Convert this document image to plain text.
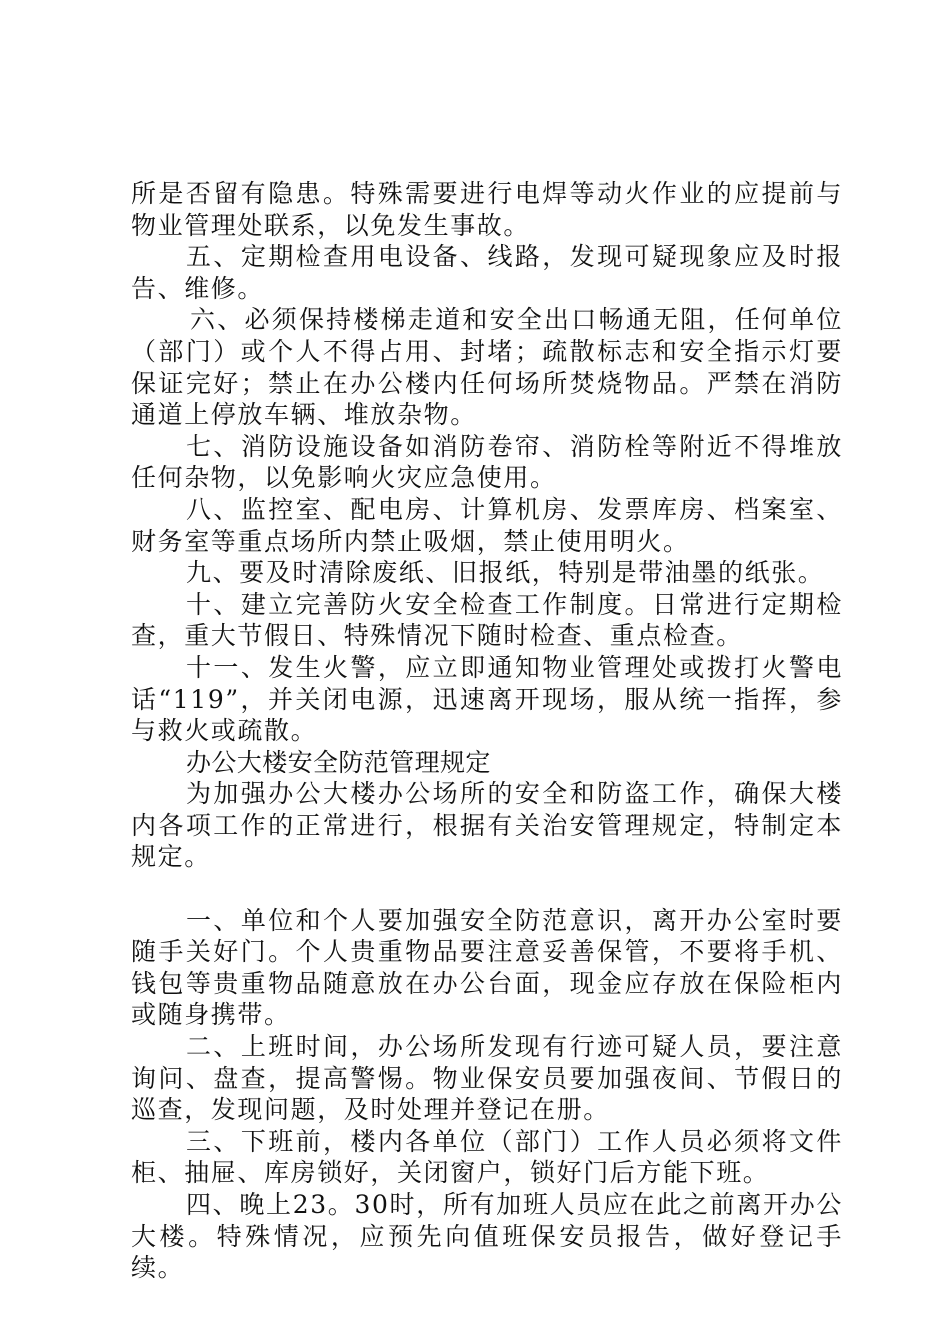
所是否留有隐患。特殊需要进行电焊等动火作业的应提前与物业管理处联系，以免发生事故。

五、定期检查用电设备、线路，发现可疑现象应及时报告、维修。

六、必须保持楼梯走道和安全出口畅通无阻，任何单位（部门）或个人不得占用、封堵；疏散标志和安全指示灯要保证完好；禁止在办公楼内任何场所焚烧物品。严禁在消防通道上停放车辆、堆放杂物。

七、消防设施设备如消防卷帘、消防栓等附近不得堆放任何杂物，以免影响火灾应急使用。

八、监控室、配电房、计算机房、发票库房、档案室、财务室等重点场所内禁止吸烟，禁止使用明火。

九、要及时清除废纸、旧报纸，特别是带油墨的纸张。

十、建立完善防火安全检查工作制度。日常进行定期检查，重大节假日、特殊情况下随时检查、重点检查。

十一、发生火警，应立即通知物业管理处或拨打火警电话“119”，并关闭电源，迅速离开现场，服从统一指挥，参与救火或疏散。

办公大楼安全防范管理规定

为加强办公大楼办公场所的安全和防盗工作，确保大楼内各项工作的正常进行，根据有关治安管理规定，特制定本规定。

一、单位和个人要加强安全防范意识，离开办公室时要随手关好门。个人贵重物品要注意妥善保管，不要将手机、钱包等贵重物品随意放在办公台面，现金应存放在保险柜内或随身携带。

二、上班时间，办公场所发现有行迹可疑人员，要注意询问、盘查，提高警惕。物业保安员要加强夜间、节假日的巡查，发现问题，及时处理并登记在册。

三、下班前，楼内各单位（部门）工作人员必须将文件柜、抽屉、库房锁好，关闭窗户，锁好门后方能下班。

四、晚上23。30时，所有加班人员应在此之前离开办公大楼。特殊情况，应预先向值班保安员报告，做好登记手续。
